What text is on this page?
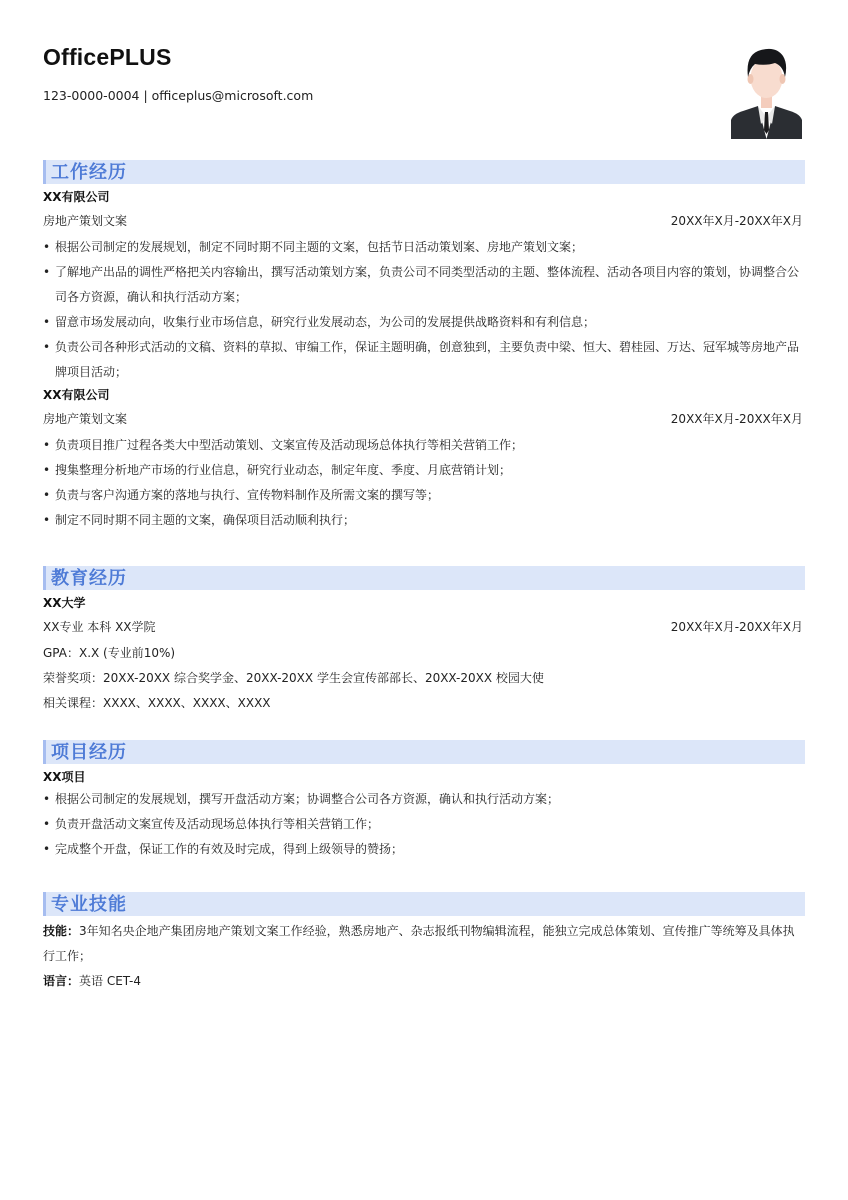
OfficePLUS
123-0000-0004 | officeplus@microsoft.com
工作经历
XX有限公司
房地产策划文案	20XX年X月-20XX年X月
• 根据公司制定的发展规划，制定不同时期不同主题的文案，包括节日活动策划案、房地产策划文案；
• 了解地产出品的调性严格把关内容输出，撰写活动策划方案，负责公司不同类型活动的主题、整体流程、活动各项目内容的策划，协调整合公司各方资源，确认和执行活动方案；
• 留意市场发展动向，收集行业市场信息，研究行业发展动态，为公司的发展提供战略资料和有利信息；
• 负责公司各种形式活动的文稿、资料的草拟、审编工作，保证主题明确，创意独到，主要负责中梁、恒大、碧桂园、万达、冠军城等房地产品牌项目活动；
XX有限公司
房地产策划文案	20XX年X月-20XX年X月
• 负责项目推广过程各类大中型活动策划、文案宣传及活动现场总体执行等相关营销工作；
• 搜集整理分析地产市场的行业信息，研究行业动态，制定年度、季度、月底营销计划；
• 负责与客户沟通方案的落地与执行、宣传物料制作及所需文案的撰写等；
• 制定不同时期不同主题的文案，确保项目活动顺利执行；
教育经历
XX大学
XX专业 本科 XX学院	20XX年X月-20XX年X月
GPA：X.X (专业前10%)
荣誉奖项：20XX-20XX 综合奖学金、20XX-20XX 学生会宣传部部长、20XX-20XX 校园大使
相关课程：XXXX、XXXX、XXXX、XXXX
项目经历
XX项目
• 根据公司制定的发展规划，撰写开盘活动方案；协调整合公司各方资源，确认和执行活动方案；
• 负责开盘活动文案宣传及活动现场总体执行等相关营销工作；
• 完成整个开盘，保证工作的有效及时完成，得到上级领导的赞扬；
专业技能
技能：3年知名央企地产集团房地产策划文案工作经验，熟悉房地产、杂志报纸刊物编辑流程，能独立完成总体策划、宣传推广等统筹及具体执行工作；
语言：英语 CET-4
